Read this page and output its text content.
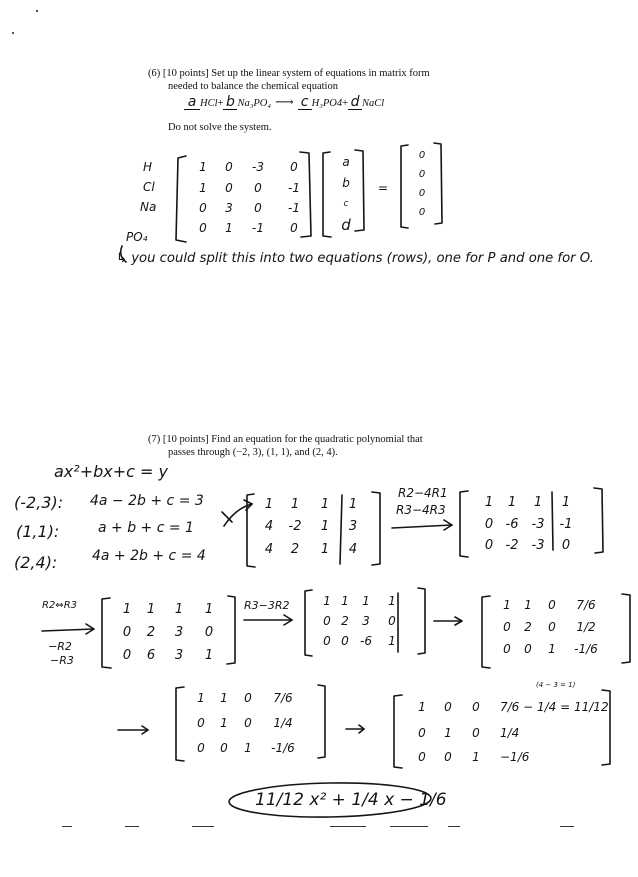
(6) [10 points] Set up the linear system of equations in matrix form
needed to balance the chemical equation
a HCl+ b Na₃PO₄ ⟶ c H₃PO4+ d NaCl
Do not solve the system.
H
Cl
Na
PO₄
1 0 -3 0
1 0 0 -1
0 3 0 -1
0 1 -1 0
a
b
c
d
=
0
0
0
0
↳ you could split this into two equations (rows), one for P and one for O.
(7) [10 points] Find an equation for the quadratic polynomial that
passes through (−2, 3), (1, 1), and (2, 4).
ax²+bx+c = y
(-2,3):
(1,1):
(2,4):
4a − 2b + c = 3
a + b + c = 1
4a + 2b + c = 4
1 1 1 1
4 -2 1 3
4 2 1 4
R2−4R1
R3−4R3	1 1 1 1
0 -6 -3 -1
0 -2 -3 0
R2⇔R3
−R2
−R3
1 1 1 1
0 2 3 0
0 6 3 1
R3−3R2	1 1 1 1
0 2 3 0
0 0 -6 1
1 1 0 7/6
0 2 0 1/2
0 0 1 -1/6
1 1 0 7/6
0 1 0 1/4
0 0 1 -1/6
(4 − 3 = 1)
1 0 0 7/6 − 1/4 = 11/12
0 1 0 1/4
0 0 1 −1/6
11/12 x² + 1/4 x − 1/6
